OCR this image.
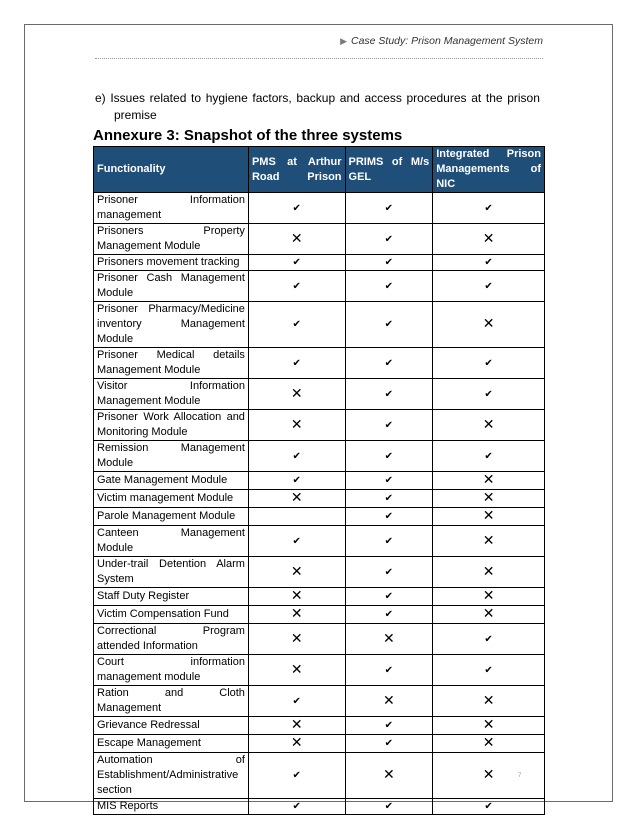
▶ Case Study: Prison Management System
e) Issues related to hygiene factors, backup and access procedures at the prison
premise
Annexure 3: Snapshot of the three systems
Functionality	PMS at Arthur Road Prison	PRIMS of M/s GEL	Integrated Prison Managements of NIC
Prisoner Information management	✔	✔	✔
Prisoners Property Management Module	✕	✔	✕
Prisoners movement tracking	✔	✔	✔
Prisoner Cash Management Module	✔	✔	✔
Prisoner Pharmacy/Medicine inventory Management Module	✔	✔	✕
Prisoner Medical details Management Module	✔	✔	✔
Visitor Information Management Module	✕	✔	✔
Prisoner Work Allocation and Monitoring Module	✕	✔	✕
Remission Management Module	✔	✔	✔
Gate Management Module	✔	✔	✕
Victim management Module	✕	✔	✕
Parole Management Module		✔	✕
Canteen Management Module	✔	✔	✕
Under-trail Detention Alarm System	✕	✔	✕
Staff Duty Register	✕	✔	✕
Victim Compensation Fund	✕	✔	✕
Correctional Program attended Information	✕	✕	✔
Court information management module	✕	✔	✔
Ration and Cloth Management	✔	✕	✕
Grievance Redressal	✕	✔	✕
Escape Management	✕	✔	✕
Automation of Establishment/Administrative section	✔	✕	✕
MIS Reports	✔	✔	✔
7
